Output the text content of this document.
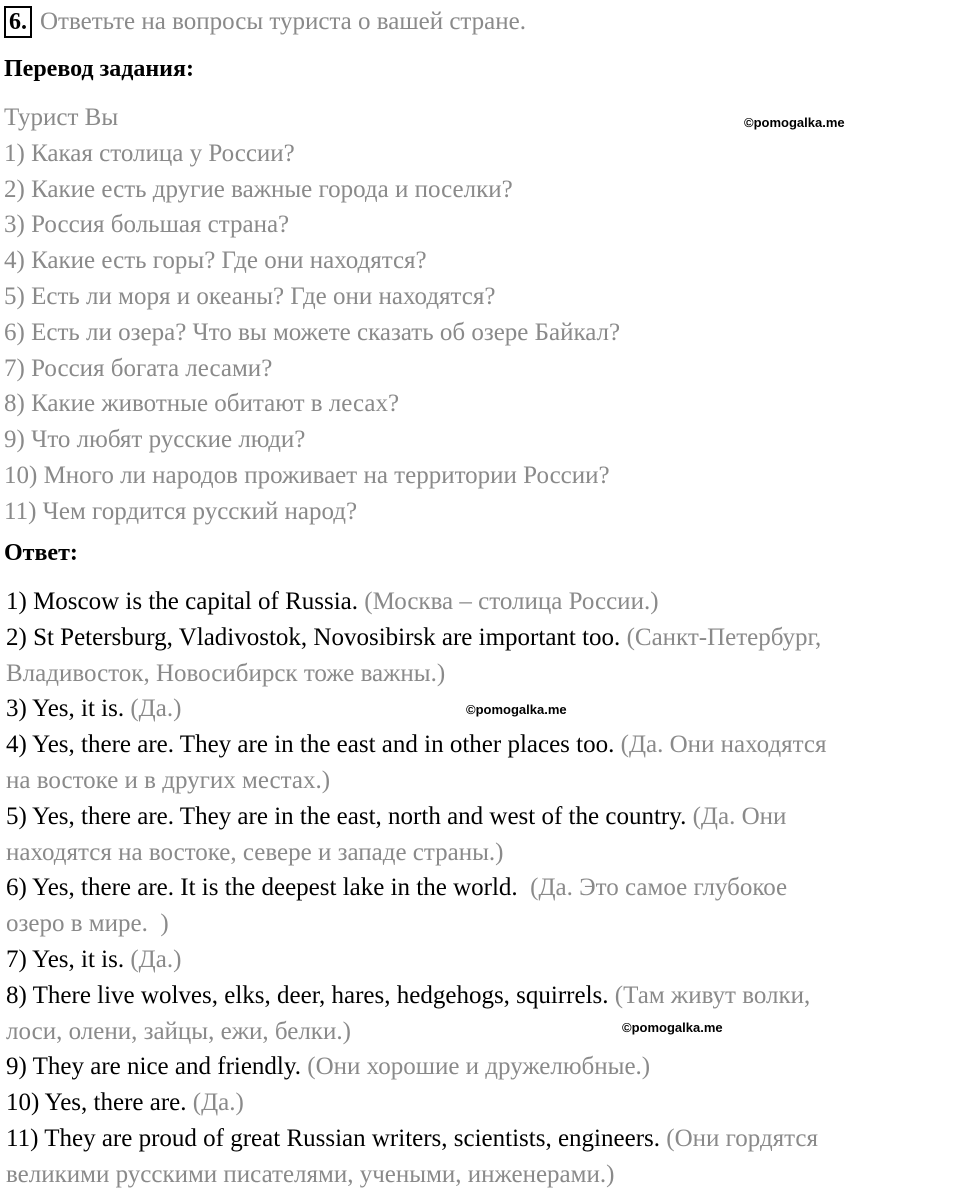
6. Ответьте на вопросы туриста о вашей стране.
Перевод задания:
Турист Вы
1) Какая столица у России?
2) Какие есть другие важные города и поселки?
3) Россия большая страна?
4) Какие есть горы? Где они находятся?
5) Есть ли моря и океаны? Где они находятся?
6) Есть ли озера? Что вы можете сказать об озере Байкал?
7) Россия богата лесами?
8) Какие животные обитают в лесах?
9) Что любят русские люди?
10) Много ли народов проживает на территории России?
11) Чем гордится русский народ?
Ответ:
1) Moscow is the capital of Russia. (Москва – столица России.)
2) St Petersburg, Vladivostok, Novosibirsk are important too. (Санкт-Петербург,
Владивосток, Новосибирск тоже важны.)
3) Yes, it is. (Да.)
4) Yes, there are. They are in the east and in other places too. (Да. Они находятся
на востоке и в других местах.)
5) Yes, there are. They are in the east, north and west of the country. (Да. Они
находятся на востоке, севере и западе страны.)
6) Yes, there are. It is the deepest lake in the world.  (Да. Это самое глубокое
озеро в мире.  )
7) Yes, it is. (Да.)
8) There live wolves, elks, deer, hares, hedgehogs, squirrels. (Там живут волки,
лоси, олени, зайцы, ежи, белки.)
9) They are nice and friendly. (Они хорошие и дружелюбные.)
10) Yes, there are. (Да.)
11) They are proud of great Russian writers, scientists, engineers. (Они гордятся
великими русскими писателями, учеными, инженерами.)
©pomogalka.me
©pomogalka.me
©pomogalka.me
